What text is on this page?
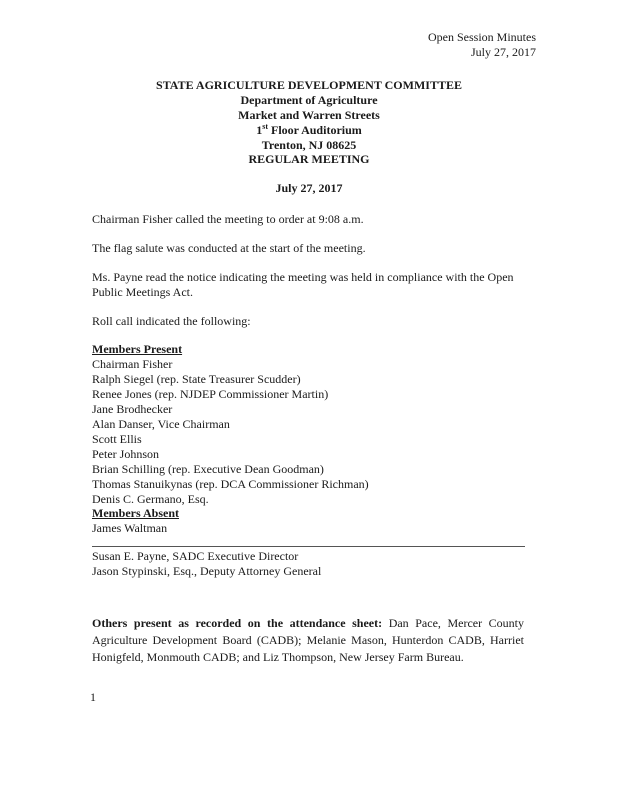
Open Session Minutes
July 27, 2017
STATE AGRICULTURE DEVELOPMENT COMMITTEE
Department of Agriculture
Market and Warren Streets
1st Floor Auditorium
Trenton, NJ 08625
REGULAR MEETING
July 27, 2017
Chairman Fisher called the meeting to order at 9:08 a.m.
The flag salute was conducted at the start of the meeting.
Ms. Payne read the notice indicating the meeting was held in compliance with the Open Public Meetings Act.
Roll call indicated the following:
Members Present
Chairman Fisher
Ralph Siegel (rep. State Treasurer Scudder)
Renee Jones (rep. NJDEP Commissioner Martin)
Jane Brodhecker
Alan Danser, Vice Chairman
Scott Ellis
Peter Johnson
Brian Schilling (rep. Executive Dean Goodman)
Thomas Stanuikynas (rep. DCA Commissioner Richman)
Denis C. Germano, Esq.
Members Absent
James Waltman
Susan E. Payne, SADC Executive Director
Jason Stypinski, Esq., Deputy Attorney General
Others present as recorded on the attendance sheet: Dan Pace, Mercer County Agriculture Development Board (CADB); Melanie Mason, Hunterdon CADB, Harriet Honigfeld, Monmouth CADB; and Liz Thompson, New Jersey Farm Bureau.
1
